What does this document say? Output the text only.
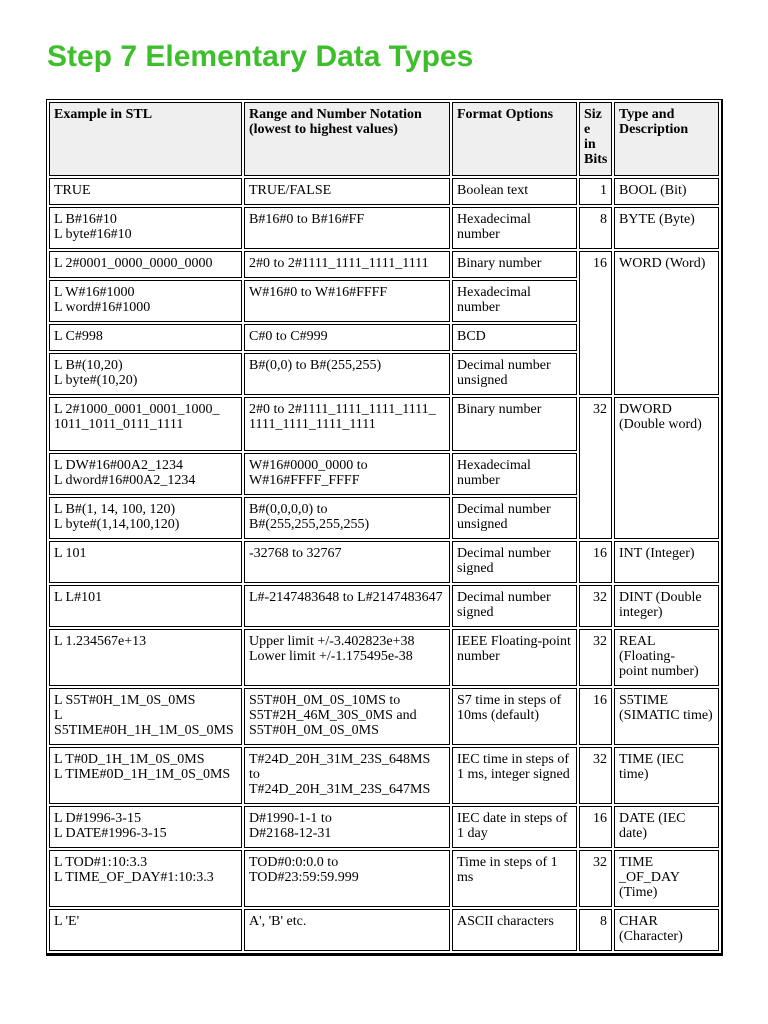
Step 7 Elementary Data Types
Example in STL	Range and Number Notation (lowest to highest values)	Format Options	Siz
e
in
Bits	Type and Description

TRUE	TRUE/FALSE	Boolean text	1	BOOL (Bit)

L B#16#10
L byte#16#10	B#16#0 to B#16#FF	Hexadecimal
number	8	BYTE (Byte)

L 2#0001_0000_0000_0000	2#0 to 2#1111_1111_1111_1111	Binary number	16	WORD (Word)

L W#16#1000
L word#16#1000	W#16#0 to W#16#FFFF	Hexadecimal
number		

L C#998	C#0 to C#999	BCD		

L B#(10,20)
L byte#(10,20)	B#(0,0) to B#(255,255)	Decimal number
unsigned		

L 2#1000_0001_0001_1000_
1011_1011_0111_1111	2#0 to 2#1111_1111_1111_1111_
1111_1111_1111_1111	Binary number	32	DWORD
(Double word)

L DW#16#00A2_1234
L dword#16#00A2_1234	W#16#0000_0000 to
W#16#FFFF_FFFF	Hexadecimal
number		

L B#(1, 14, 100, 120)
L byte#(1,14,100,120)	B#(0,0,0,0) to
B#(255,255,255,255)	Decimal number
unsigned		

L 101	-32768 to 32767	Decimal number
signed	16	INT (Integer)

L L#101	L#-2147483648 to L#2147483647	Decimal number
signed	32	DINT (Double
integer)

L 1.234567e+13	Upper limit +/-3.402823e+38
Lower limit +/-1.175495e-38	IEEE Floating-point
number	32	REAL (Floating-
point number)

L S5T#0H_1M_0S_0MS
L
S5TIME#0H_1H_1M_0S_0MS	S5T#0H_0M_0S_10MS to
S5T#2H_46M_30S_0MS and
S5T#0H_0M_0S_0MS	S7 time in steps of
10ms (default)	16	S5TIME
(SIMATIC time)

L T#0D_1H_1M_0S_0MS
L TIME#0D_1H_1M_0S_0MS	T#24D_20H_31M_23S_648MS
to
T#24D_20H_31M_23S_647MS	IEC time in steps of
1 ms, integer signed	32	TIME (IEC time)

L D#1996-3-15
L DATE#1996-3-15	D#1990-1-1 to
D#2168-12-31	IEC date in steps of
1 day	16	DATE (IEC
date)

L TOD#1:10:3.3
L TIME_OF_DAY#1:10:3.3	TOD#0:0:0.0 to
TOD#23:59:59.999	Time in steps of 1
ms	32	TIME
_OF_DAY
(Time)

L 'E'	A', 'B' etc.	ASCII characters	8	CHAR
(Character)
